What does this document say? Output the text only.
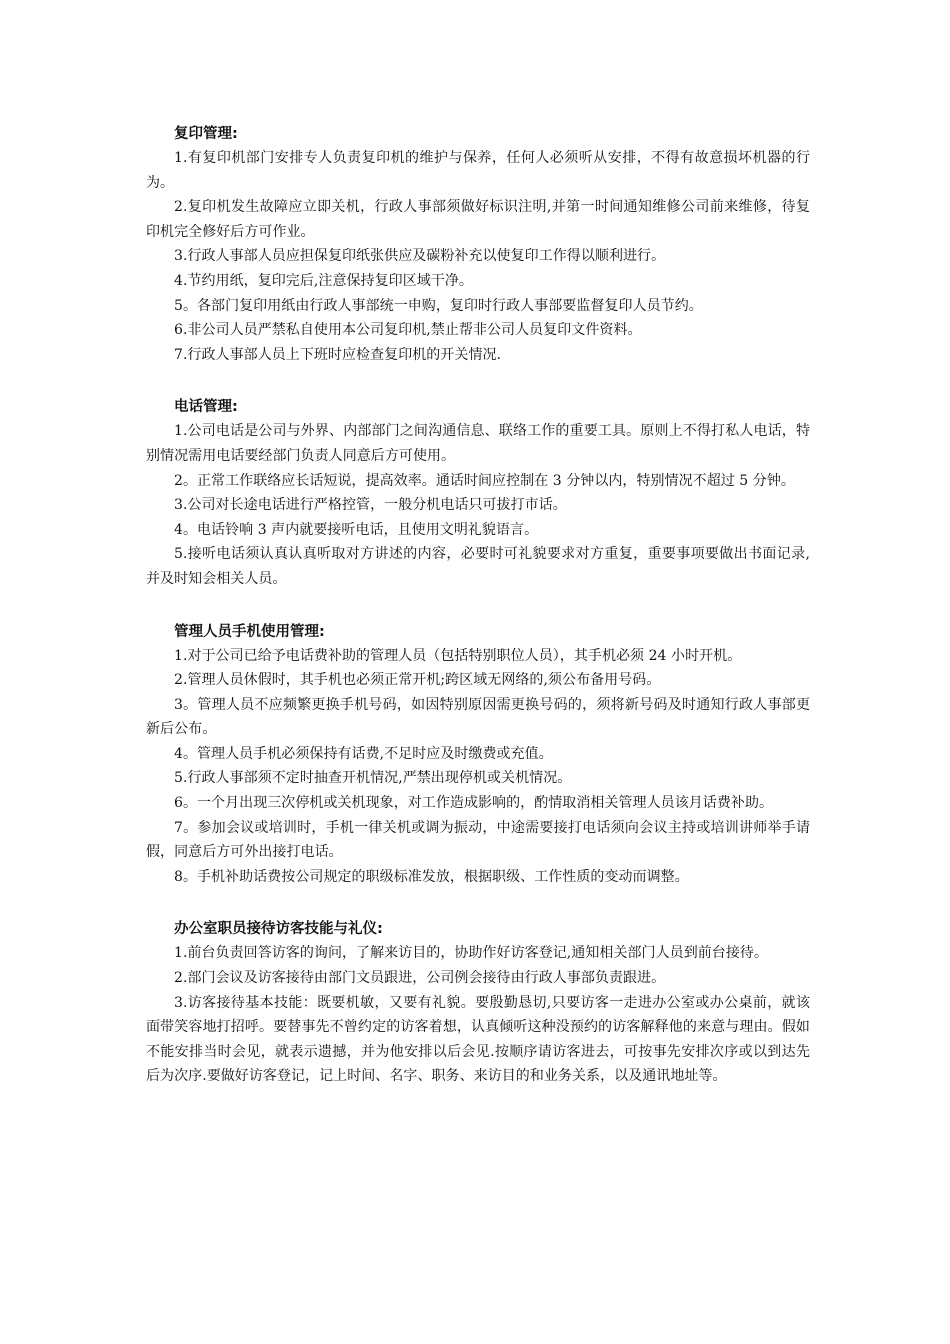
复印管理:

1.有复印机部门安排专人负责复印机的维护与保养，任何人必须听从安排，不得有故意损坏机器的行为。

2.复印机发生故障应立即关机，行政人事部须做好标识注明,并第一时间通知维修公司前来维修，待复印机完全修好后方可作业。

3.行政人事部人员应担保复印纸张供应及碳粉补充以使复印工作得以顺利进行。

4.节约用纸，复印完后,注意保持复印区域干净。

5。各部门复印用纸由行政人事部统一申购，复印时行政人事部要监督复印人员节约。

6.非公司人员严禁私自使用本公司复印机,禁止帮非公司人员复印文件资料。

7.行政人事部人员上下班时应检查复印机的开关情况.

电话管理:

1.公司电话是公司与外界、内部部门之间沟通信息、联络工作的重要工具。原则上不得打私人电话，特别情况需用电话要经部门负责人同意后方可使用。

2。正常工作联络应长话短说，提高效率。通话时间应控制在 3 分钟以内，特别情况不超过 5 分钟。

3.公司对长途电话进行严格控管，一般分机电话只可拔打市话。

4。电话铃响 3 声内就要接听电话，且使用文明礼貌语言。

5.接听电话须认真认真听取对方讲述的内容，必要时可礼貌要求对方重复，重要事项要做出书面记录,并及时知会相关人员。

管理人员手机使用管理:

1.对于公司已给予电话费补助的管理人员（包括特别职位人员），其手机必须 24 小时开机。

2.管理人员休假时，其手机也必须正常开机;跨区域无网络的,须公布备用号码。

3。管理人员不应频繁更换手机号码，如因特别原因需更换号码的，须将新号码及时通知行政人事部更新后公布。

4。管理人员手机必须保持有话费,不足时应及时缴费或充值。

5.行政人事部须不定时抽查开机情况,严禁出现停机或关机情况。

6。一个月出现三次停机或关机现象，对工作造成影响的，酌情取消相关管理人员该月话费补助。

7。参加会议或培训时，手机一律关机或调为振动，中途需要接打电话须向会议主持或培训讲师举手请假，同意后方可外出接打电话。

8。手机补助话费按公司规定的职级标准发放，根据职级、工作性质的变动而调整。

办公室职员接待访客技能与礼仪:

1.前台负责回答访客的询问，了解来访目的，协助作好访客登记,通知相关部门人员到前台接待。

2.部门会议及访客接待由部门文员跟进，公司例会接待由行政人事部负责跟进。

3.访客接待基本技能：既要机敏，又要有礼貌。要殷勤恳切,只要访客一走进办公室或办公桌前，就该面带笑容地打招呼。要替事先不曾约定的访客着想，认真倾听这种没预约的访客解释他的来意与理由。假如不能安排当时会见，就表示遗撼，并为他安排以后会见.按顺序请访客进去，可按事先安排次序或以到达先后为次序.要做好访客登记，记上时间、名字、职务、来访目的和业务关系，以及通讯地址等。
